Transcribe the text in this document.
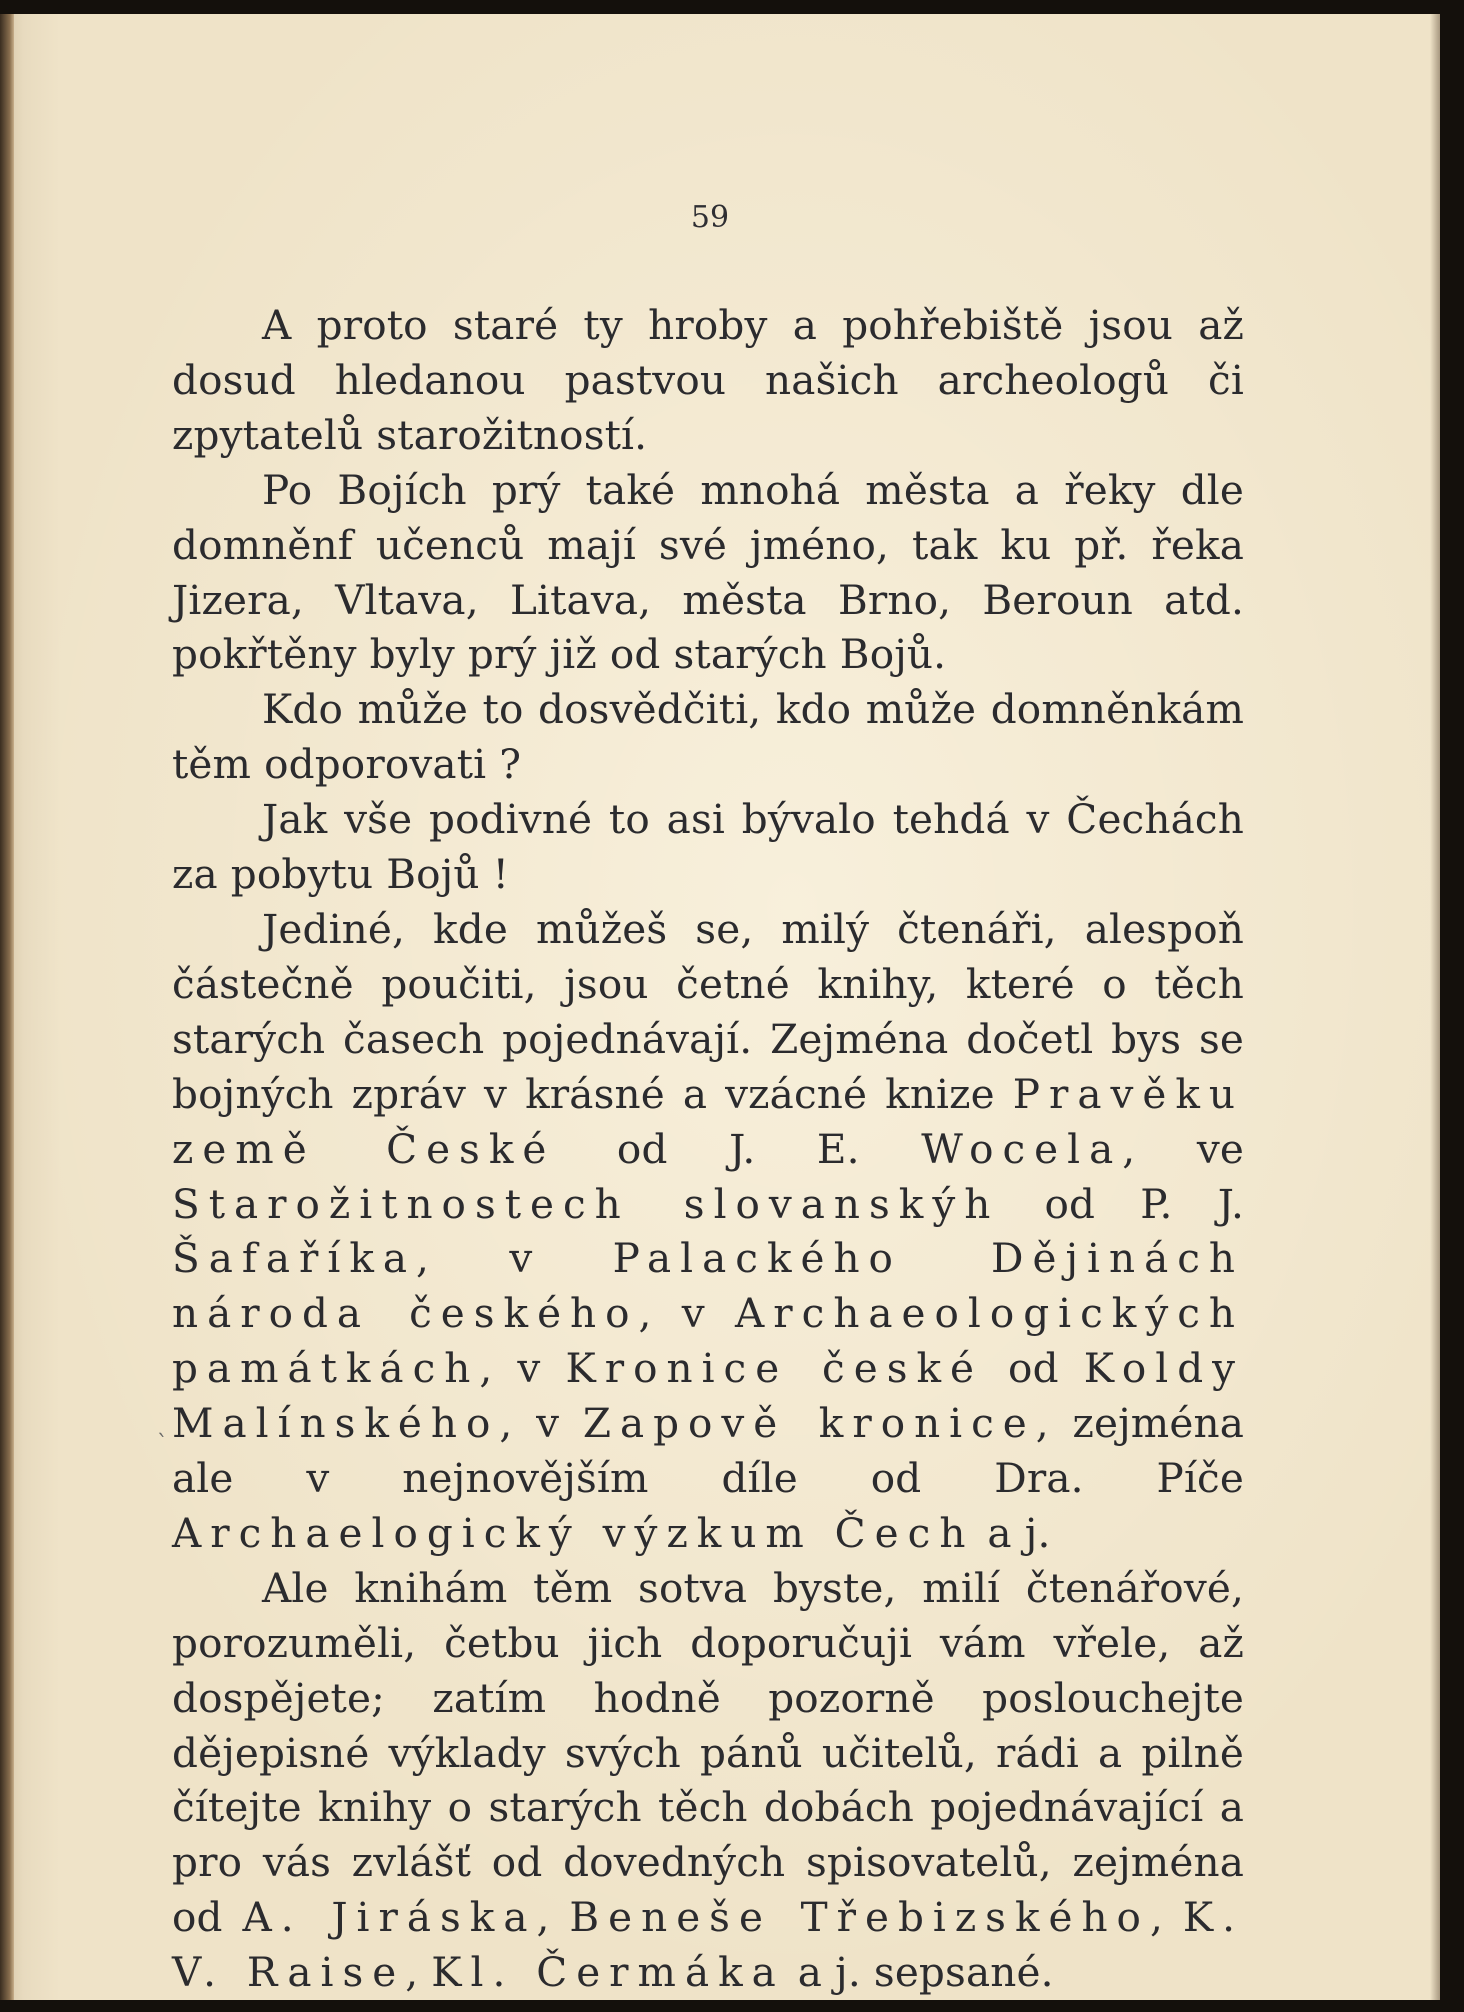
59

A proto staré ty hroby a pohřebiště jsou až dosud hledanou pastvou našich archeologů či zpytatelů starožitností.

Po Bojích prý také mnohá města a řeky dle domněnf učenců mají své jméno, tak ku př. řeka Jizera, Vltava, Litava, města Brno, Beroun atd. pokřtěny byly prý již od starých Bojů.

Kdo může to dosvědčiti, kdo může domněnkám těm odporovati ?

Jak vše podivné to asi bývalo tehdá v Čechách za pobytu Bojů !

Jediné, kde můžeš se, milý čtenáři, alespoň částečně poučiti, jsou četné knihy, které o těch starých časech pojednávají. Zejména dočetl bys se bojných zpráv v krásné a vzácné knize Pravěku země České od J. E. Wocela, ve Starožitnostech slovanskýh od P. J. Šafaříka, v Palackého Dějinách národa českého, v Archaeologických památkách, v Kronice české od Koldy Malínského, v Zapově kronice, zejména ale v nejnovějším díle od Dra. Píče Archaelogický výzkum Čech a j.

Ale knihám těm sotva byste, milí čtenářové, porozuměli, četbu jich doporučuji vám vřele, až dospějete; zatím hodně pozorně poslouchejte dějepisné výklady svých pánů učitelů, rádi a pilně čítejte knihy o starých těch dobách pojednávající a pro vás zvlášť od dovedných spisovatelů, zejména od A. Jiráska, Beneše Třebizského, K. V. Raise, Kl. Čermáka a j. sepsané.

ˋ
